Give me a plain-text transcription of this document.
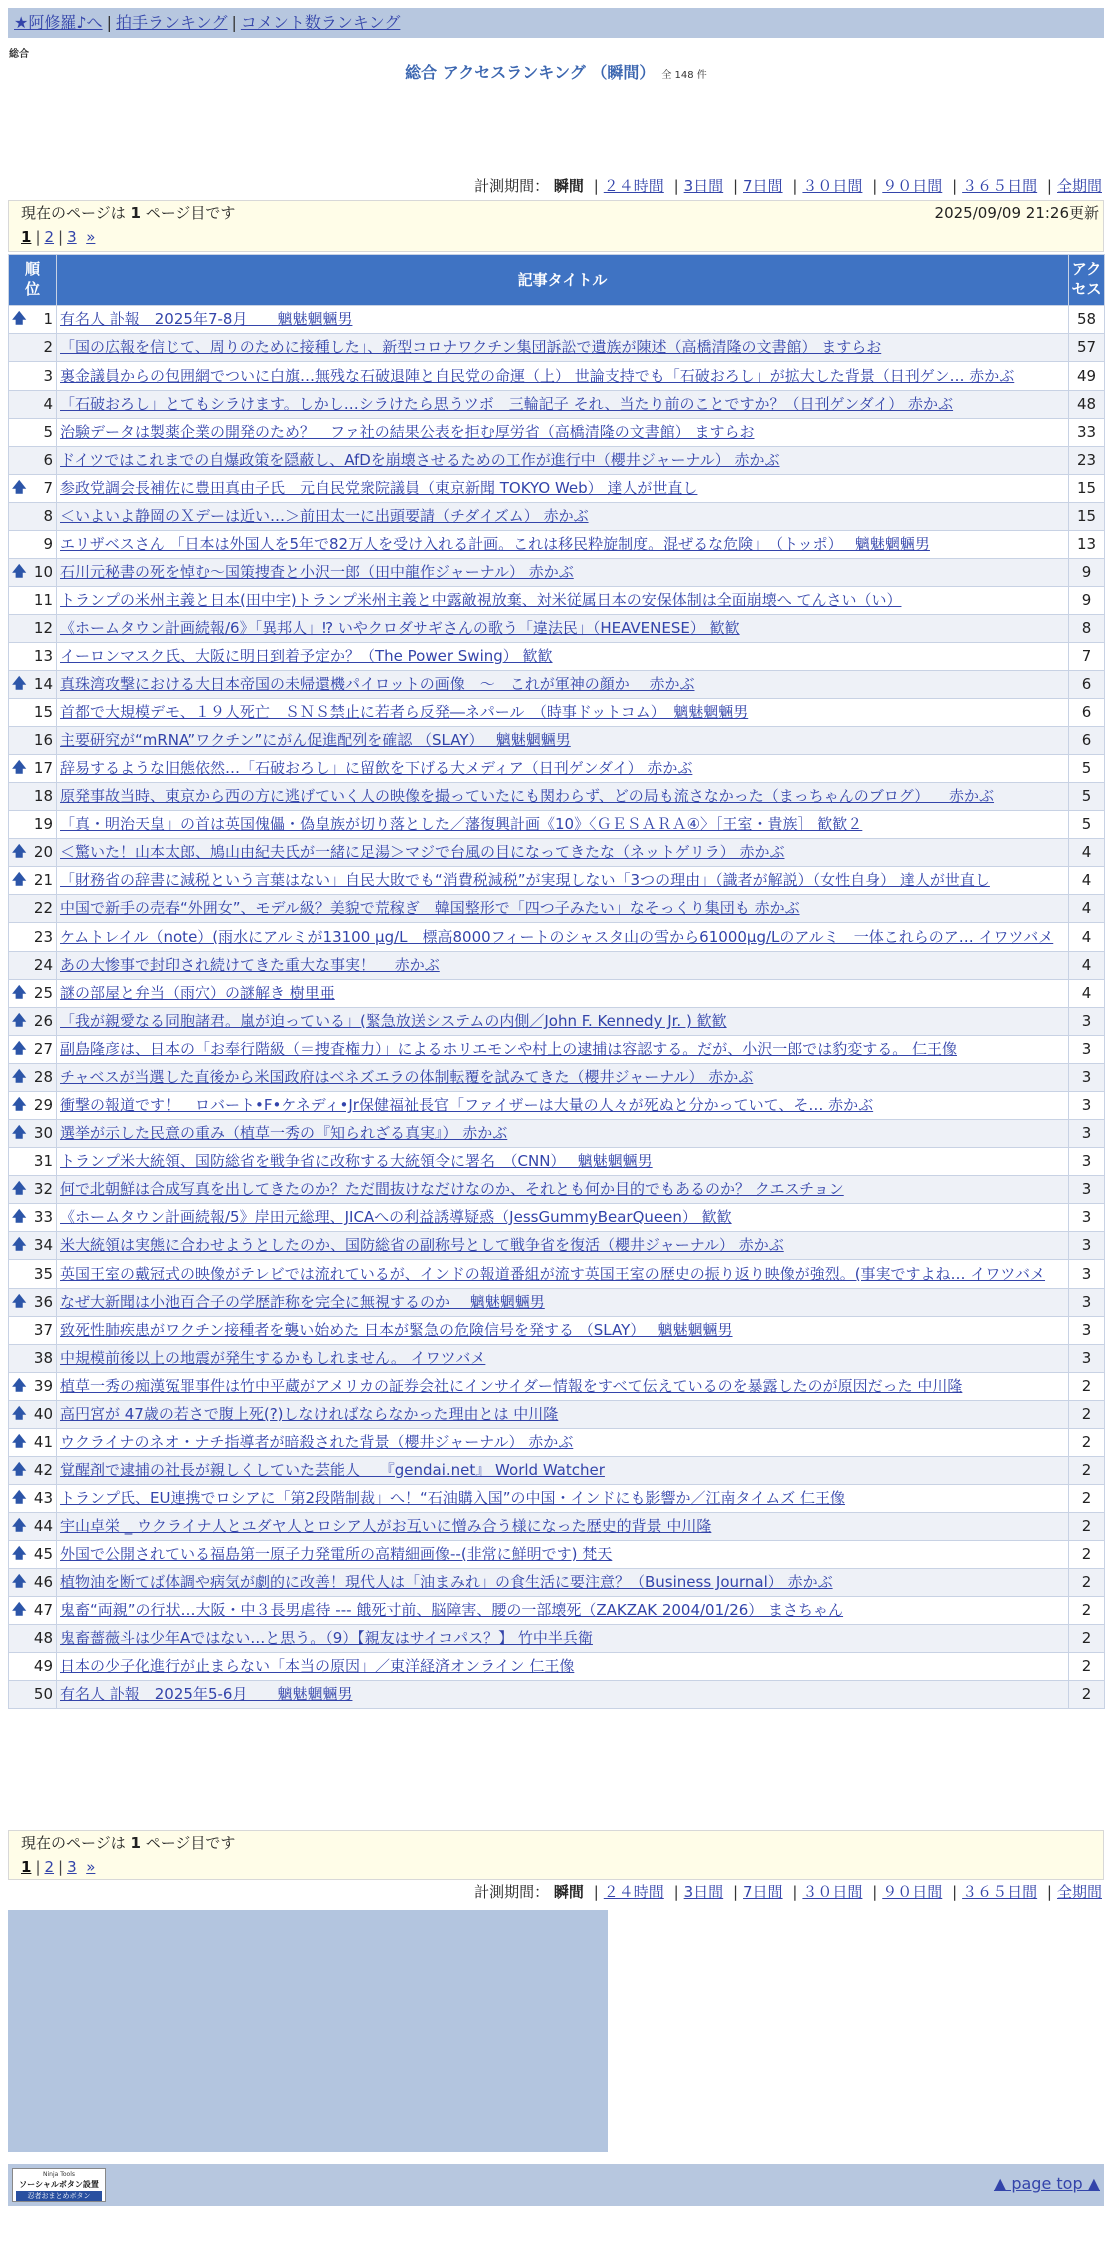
★阿修羅♪へ | 拍手ランキング | コメント数ランキング
総合
総合 アクセスランキング （瞬間） 全 148 件
計測期間： 瞬間 | ２４時間 | 3日間 | 7日間 | ３０日間 | ９０日間 | ３６５日間 | 全期間
現在のページは 1 ページ目です	2025/09/09 21:26更新
1 | 2 | 3 »
順位	記事タイトル	アクセス

🡅 1	有名人 訃報　2025年7-8月　　魑魅魍魎男	58
2	「国の広報を信じて、周りのために接種した」、新型コロナワクチン集団訴訟で遺族が陳述（高橋清隆の文書館） ますらお	57
3	裏金議員からの包囲網でついに白旗…無残な石破退陣と自民党の命運（上） 世論支持でも「石破おろし」が拡大した背景（日刊ゲン… 赤かぶ	49
4	「石破おろし」とてもシラけます。しかし…シラけたら思うツボ　三輪記子 それ、当たり前のことですか？（日刊ゲンダイ） 赤かぶ	48
5	治験データは製薬企業の開発のため？　ファ社の結果公表を拒む厚労省（高橋清隆の文書館） ますらお	33
6	ドイツではこれまでの自爆政策を隠蔽し、AfDを崩壊させるための工作が進行中（櫻井ジャーナル） 赤かぶ	23

🡅 7	参政党調会長補佐に豊田真由子氏　元自民党衆院議員（東京新聞 TOKYO Web） 達人が世直し	15
8	＜いよいよ静岡のＸデーは近い…＞前田太一に出頭要請（チダイズム） 赤かぶ	15
9	エリザベスさん 「日本は外国人を5年で82万人を受け入れる計画。これは移民粋旋制度。混ぜるな危険」　（トッポ）　 魑魅魍魎男	13

🡅 10	石川元秘書の死を悼む～国策捜査と小沢一郎（田中龍作ジャーナル） 赤かぶ	9
11	トランプの米州主義と日本(田中宇)トランプ米州主義と中露敵視放棄、対米従属日本の安保体制は全面崩壊へ てんさい（い）	9
12	《ホームタウン計画続報/6》「異邦人」⁉ いやクロダサギさんの歌う「違法民」（HEAVENESE） 歓歓	8
13	イーロンマスク氏、大阪に明日到着予定か？（The Power Swing） 歓歓	7

🡅 14	真珠湾攻撃における大日本帝国の未帰還機パイロットの画像　～　これが軍神の顔か　 赤かぶ	6
15	首都で大規模デモ、１９人死亡　ＳＮＳ禁止に若者ら反発―ネパール　（時事ドットコム）　魑魅魍魎男	6
16	主要研究が“mRNA”ワクチン”にがん促進配列を確認 （SLAY）　 魑魅魍魎男	6

🡅 17	辞易するような旧態依然…「石破おろし」に留飲を下げる大メディア（日刊ゲンダイ） 赤かぶ	5
18	原発事故当時、東京から西の方に逃げていく人の映像を撮っていたにも関わらず、どの局も流さなかった（まっちゃんのブログ） 　赤かぶ	5
19	「真・明治天皇」の首は英国傀儡・偽皇族が切り落とした／藩復興計画《10》〈ＧＥＳＡＲＡ④〉［王室・貴族］ 歓歓２	5

🡅 20	＜驚いた！山本太郎、鳩山由紀夫氏が一緒に足湯＞マジで台風の目になってきたな（ネットゲリラ） 赤かぶ	4

🡅 21	「財務省の辞書に減税という言葉はない」自民大敗でも“消費税減税”が実現しない「3つの理由」（識者が解説）（女性自身） 達人が世直し	4
22	中国で新手の売春“外囲女”、モデル級？美貌で荒稼ぎ　韓国整形で「四つ子みたい」なそっくり集団も 赤かぶ	4
23	ケムトレイル（note）(雨水にアルミが13100 μg/L　標高8000フィートのシャスタ山の雪から61000μg/Lのアルミ　一体これらのア… イワツバメ	4
24	あの大惨事で封印され続けてきた重大な事実！　 赤かぶ	4

🡅 25	謎の部屋と弁当（雨穴）の謎解き 樹里亜	4

🡅 26	「我が親愛なる同胞諸君。嵐が迫っている」(緊急放送システムの内側／John F. Kennedy Jr. ) 歓歓	3

🡅 27	副島隆彦は、日本の「お奉行階級（＝捜査権力）」によるホリエモンや村上の逮捕は容認する。だが、小沢一郎では豹変する。 仁王像	3

🡅 28	チャベスが当選した直後から米国政府はベネズエラの体制転覆を試みてきた（櫻井ジャーナル） 赤かぶ	3

🡅 29	衝撃の報道です！　ロバート•F•ケネディ•Jr保健福祉長官「ファイザーは大量の人々が死ぬと分かっていて、そ… 赤かぶ	3

🡅 30	選挙が示した民意の重み（植草一秀の『知られざる真実』） 赤かぶ	3
31	トランプ米大統領、国防総省を戦争省に改称する大統領令に署名　（CNN）　 魑魅魍魎男	3

🡅 32	何で北朝鮮は合成写真を出してきたのか？ただ間抜けなだけなのか、それとも何か目的でもあるのか？ クエスチョン	3

🡅 33	《ホームタウン計画続報/5》岸田元総理、JICAへの利益誘導疑惑（JessGummyBearQueen） 歓歓	3

🡅 34	米大統領は実態に合わせようとしたのか、国防総省の副称号として戦争省を復活（櫻井ジャーナル） 赤かぶ	3
35	英国王室の戴冠式の映像がテレビでは流れているが、インドの報道番組が流す英国王室の歴史の振り返り映像が強烈。(事実ですよね… イワツバメ	3

🡅 36	なぜ大新聞は小池百合子の学歴詐称を完全に無視するのか　 魑魅魍魎男	3
37	致死性肺疾患がワクチン接種者を襲い始めた 日本が緊急の危険信号を発する （SLAY）　 魑魅魍魎男	3
38	中規模前後以上の地震が発生するかもしれません。 イワツバメ	3

🡅 39	植草一秀の痴漢冤罪事件は竹中平蔵がアメリカの証券会社にインサイダー情報をすべて伝えているのを暴露したのが原因だった 中川隆	2

🡅 40	高円宮が 47歳の若さで腹上死(?)しなければならなかった理由とは 中川隆	2

🡅 41	ウクライナのネオ・ナチ指導者が暗殺された背景（櫻井ジャーナル） 赤かぶ	2

🡅 42	覚醒剤で逮捕の社長が親しくしていた芸能人　 『gendai.net』 World Watcher	2

🡅 43	トランプ氏、EU連携でロシアに「第2段階制裁」へ！“石油購入国”の中国・インドにも影響か／江南タイムズ 仁王像	2

🡅 44	宇山卓栄 _ ウクライナ人とユダヤ人とロシア人がお互いに憎み合う様になった歴史的背景 中川隆	2

🡅 45	外国で公開されている福島第一原子力発電所の高精細画像--(非常に鮮明です) 梵天	2

🡅 46	植物油を断てば体調や病気が劇的に改善！現代人は「油まみれ」の食生活に要注意？（Business Journal） 赤かぶ	2

🡅 47	鬼畜“両親”の行状…大阪・中３長男虐待 --- 餓死寸前、脳障害、腰の一部壊死（ZAKZAK 2004/01/26） まさちゃん	2
48	鬼畜薔薇斗は少年Aではない…と思う。（9）【親友はサイコパス？】 竹中半兵衛	2
49	日本の少子化進行が止まらない「本当の原因」／東洋経済オンライン 仁王像	2
50	有名人 訃報　2025年5-6月　　魑魅魍魎男	2
現在のページは 1 ページ目です
1 | 2 | 3 »
計測期間： 瞬間 | ２４時間 | 3日間 | 7日間 | ３０日間 | ９０日間 | ３６５日間 | 全期間
Ninja Tools
ソーシャルボタン設置
忍者おまとめボタン
▲ page top ▲
